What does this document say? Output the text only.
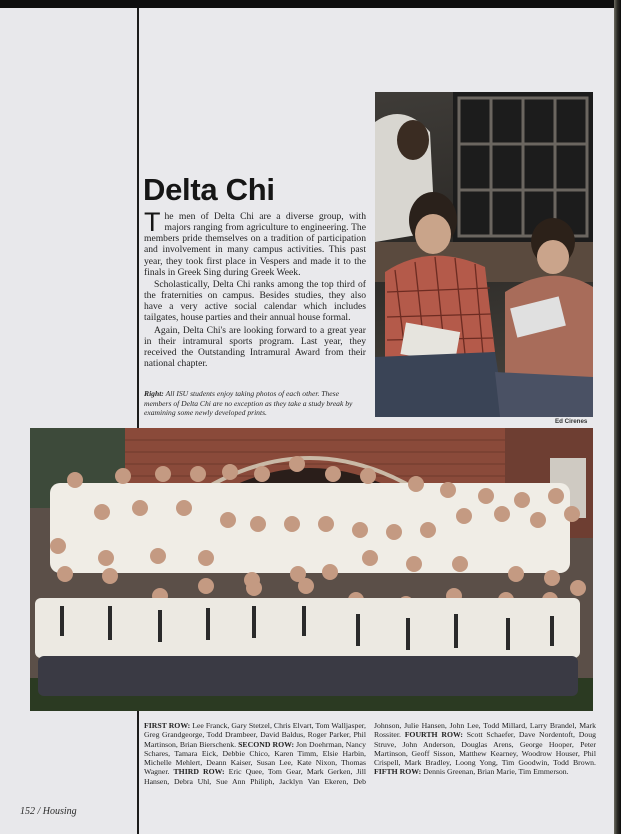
Delta Chi

The men of Delta Chi are a diverse group, with majors ranging from agriculture to engineering. The members pride themselves on a tradition of participation and involvement in many campus activities. This past year, they took first place in Vespers and made it to the finals in Greek Sing during Greek Week.

Scholastically, Delta Chi ranks among the top third of the fraternities on campus. Besides studies, they also have a very active social calendar which includes tailgates, house parties and their annual house formal.

Again, Delta Chi's are looking forward to a great year in their intramural sports program. Last year, they received the Outstanding Intramural Award from their national chapter.

Right: All ISU students enjoy taking photos of each other. These members of Delta Chi are no exception as they take a study break by examining some newly developed prints.
Ed Cirenes
FIRST ROW: Lee Franck, Gary Stetzel, Chris Elvart, Tom Walljasper, Greg Grandgeorge, Todd Drambeer, David Baldus, Roger Parker, Phil Martinson, Brian Bierschenk. SECOND ROW: Jon Doehrman, Nancy Schares, Tamara Eick, Debbie Chico, Karen Timm, Elsie Harbin, Michelle Mehlert, Deann Kaiser, Susan Lee, Kate Nixon, Thomas Wagner. THIRD ROW: Eric Quee, Tom Gear, Mark Gerken, Jill Hansen, Debra Uhl, Sue Ann Philiph, Jacklyn Van Ekeren, Deb Johnson, Julie Hansen, John Lee, Todd Millard, Larry Brandel, Mark Rossiter. FOURTH ROW: Scott Schaefer, Dave Nordentoft, Doug Struve, John Anderson, Douglas Arens, George Hooper, Peter Martinson, Geoff Sisson, Matthew Kearney, Woodrow Houser, Phil Crispell, Mark Bradley, Loong Yong, Tim Goodwin, Todd Brown. FIFTH ROW: Dennis Greenan, Brian Marie, Tim Emmerson.
152 / Housing
